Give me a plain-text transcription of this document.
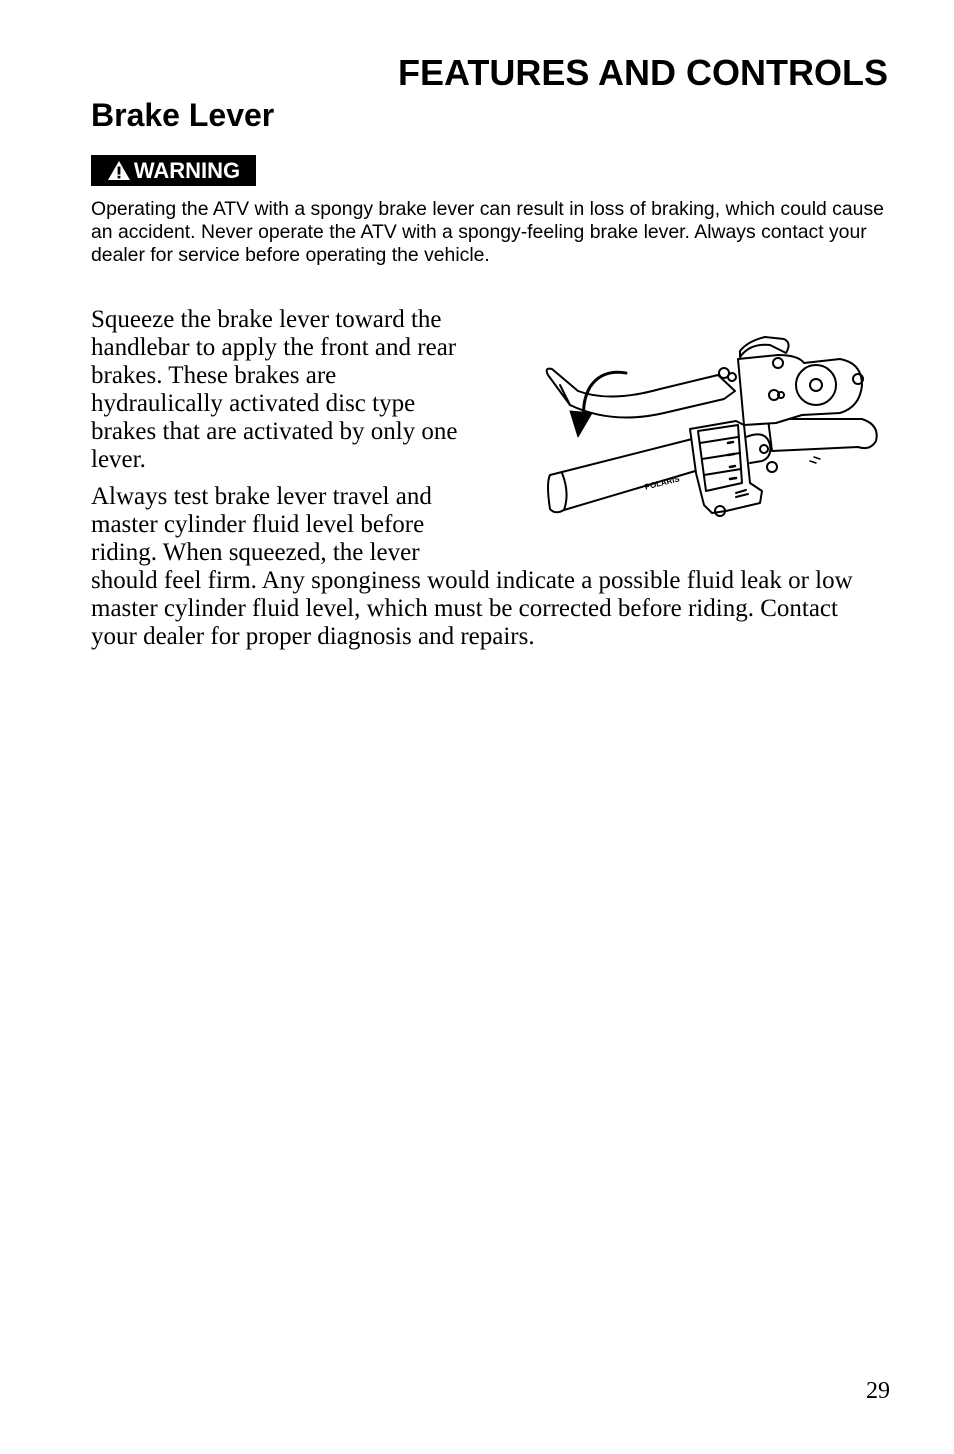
FEATURES AND CONTROLS
Brake Lever
WARNING

Operating the ATV with a spongy brake lever can result in loss of braking, which could cause an accident. Never operate the ATV with a spongy-feeling brake lever. Always contact your dealer for service before operating the vehicle.

Squeeze the brake lever toward the handlebar to apply the front and rear brakes. These brakes are hydraulically activated disc type brakes that are activated by only one lever.

Always test brake lever travel and master cylinder fluid level before riding. When squeezed, the lever should feel firm. Any sponginess would indicate a possible fluid leak or low master cylinder fluid level, which must be corrected before riding. Contact your dealer for proper diagnosis and repairs.
POLARIS
29
